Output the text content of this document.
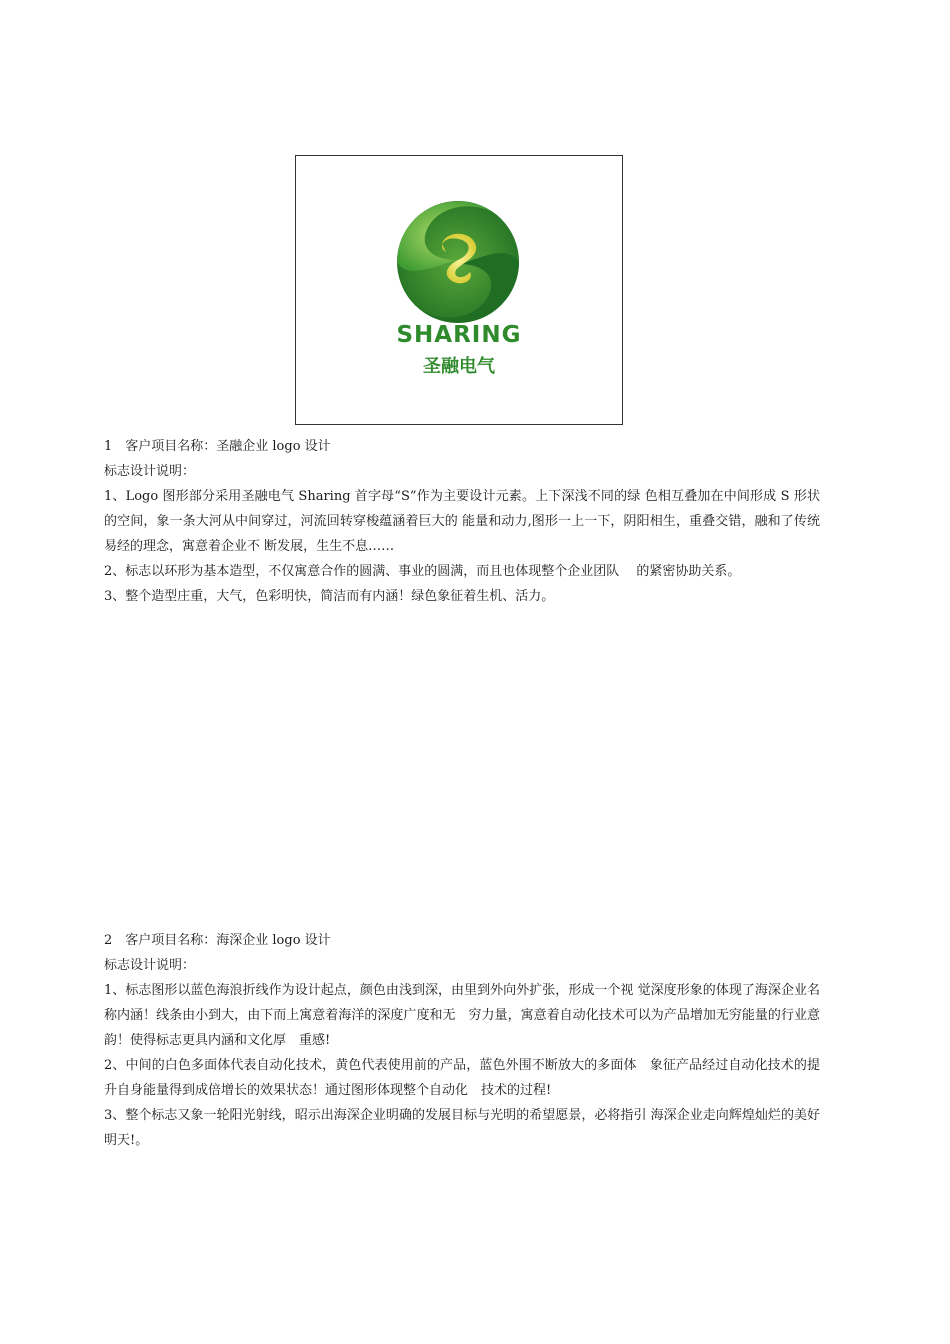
SHARING
圣融电气

1　客户项目名称：圣融企业 logo 设计

标志设计说明：

1、Logo 图形部分采用圣融电气 Sharing 首字母“S”作为主要设计元素。上下深浅不同的绿 色相互叠加在中间形成 S 形状的空间，象一条大河从中间穿过，河流回转穿梭蕴涵着巨大的 能量和动力,图形一上一下，阴阳相生，重叠交错，融和了传统易经的理念，寓意着企业不 断发展，生生不息……

2、标志以环形为基本造型，不仅寓意合作的圆满、事业的圆满，而且也体现整个企业团队　 的紧密协助关系。

3、整个造型庄重，大气，色彩明快，简洁而有内涵！绿色象征着生机、活力。

2　客户项目名称：海深企业 logo 设计

标志设计说明：

1、标志图形以蓝色海浪折线作为设计起点，颜色由浅到深，由里到外向外扩张，形成一个视 觉深度形象的体现了海深企业名称内涵！线条由小到大，由下而上寓意着海洋的深度广度和无　穷力量，寓意着自动化技术可以为产品增加无穷能量的行业意韵！使得标志更具内涵和文化厚　重感!

2、中间的白色多面体代表自动化技术，黄色代表使用前的产品，蓝色外围不断放大的多面体　象征产品经过自动化技术的提升自身能量得到成倍增长的效果状态！通过图形体现整个自动化　技术的过程!

3、整个标志又象一轮阳光射线，昭示出海深企业明确的发展目标与光明的希望愿景，必将指引 海深企业走向辉煌灿烂的美好明天!。
